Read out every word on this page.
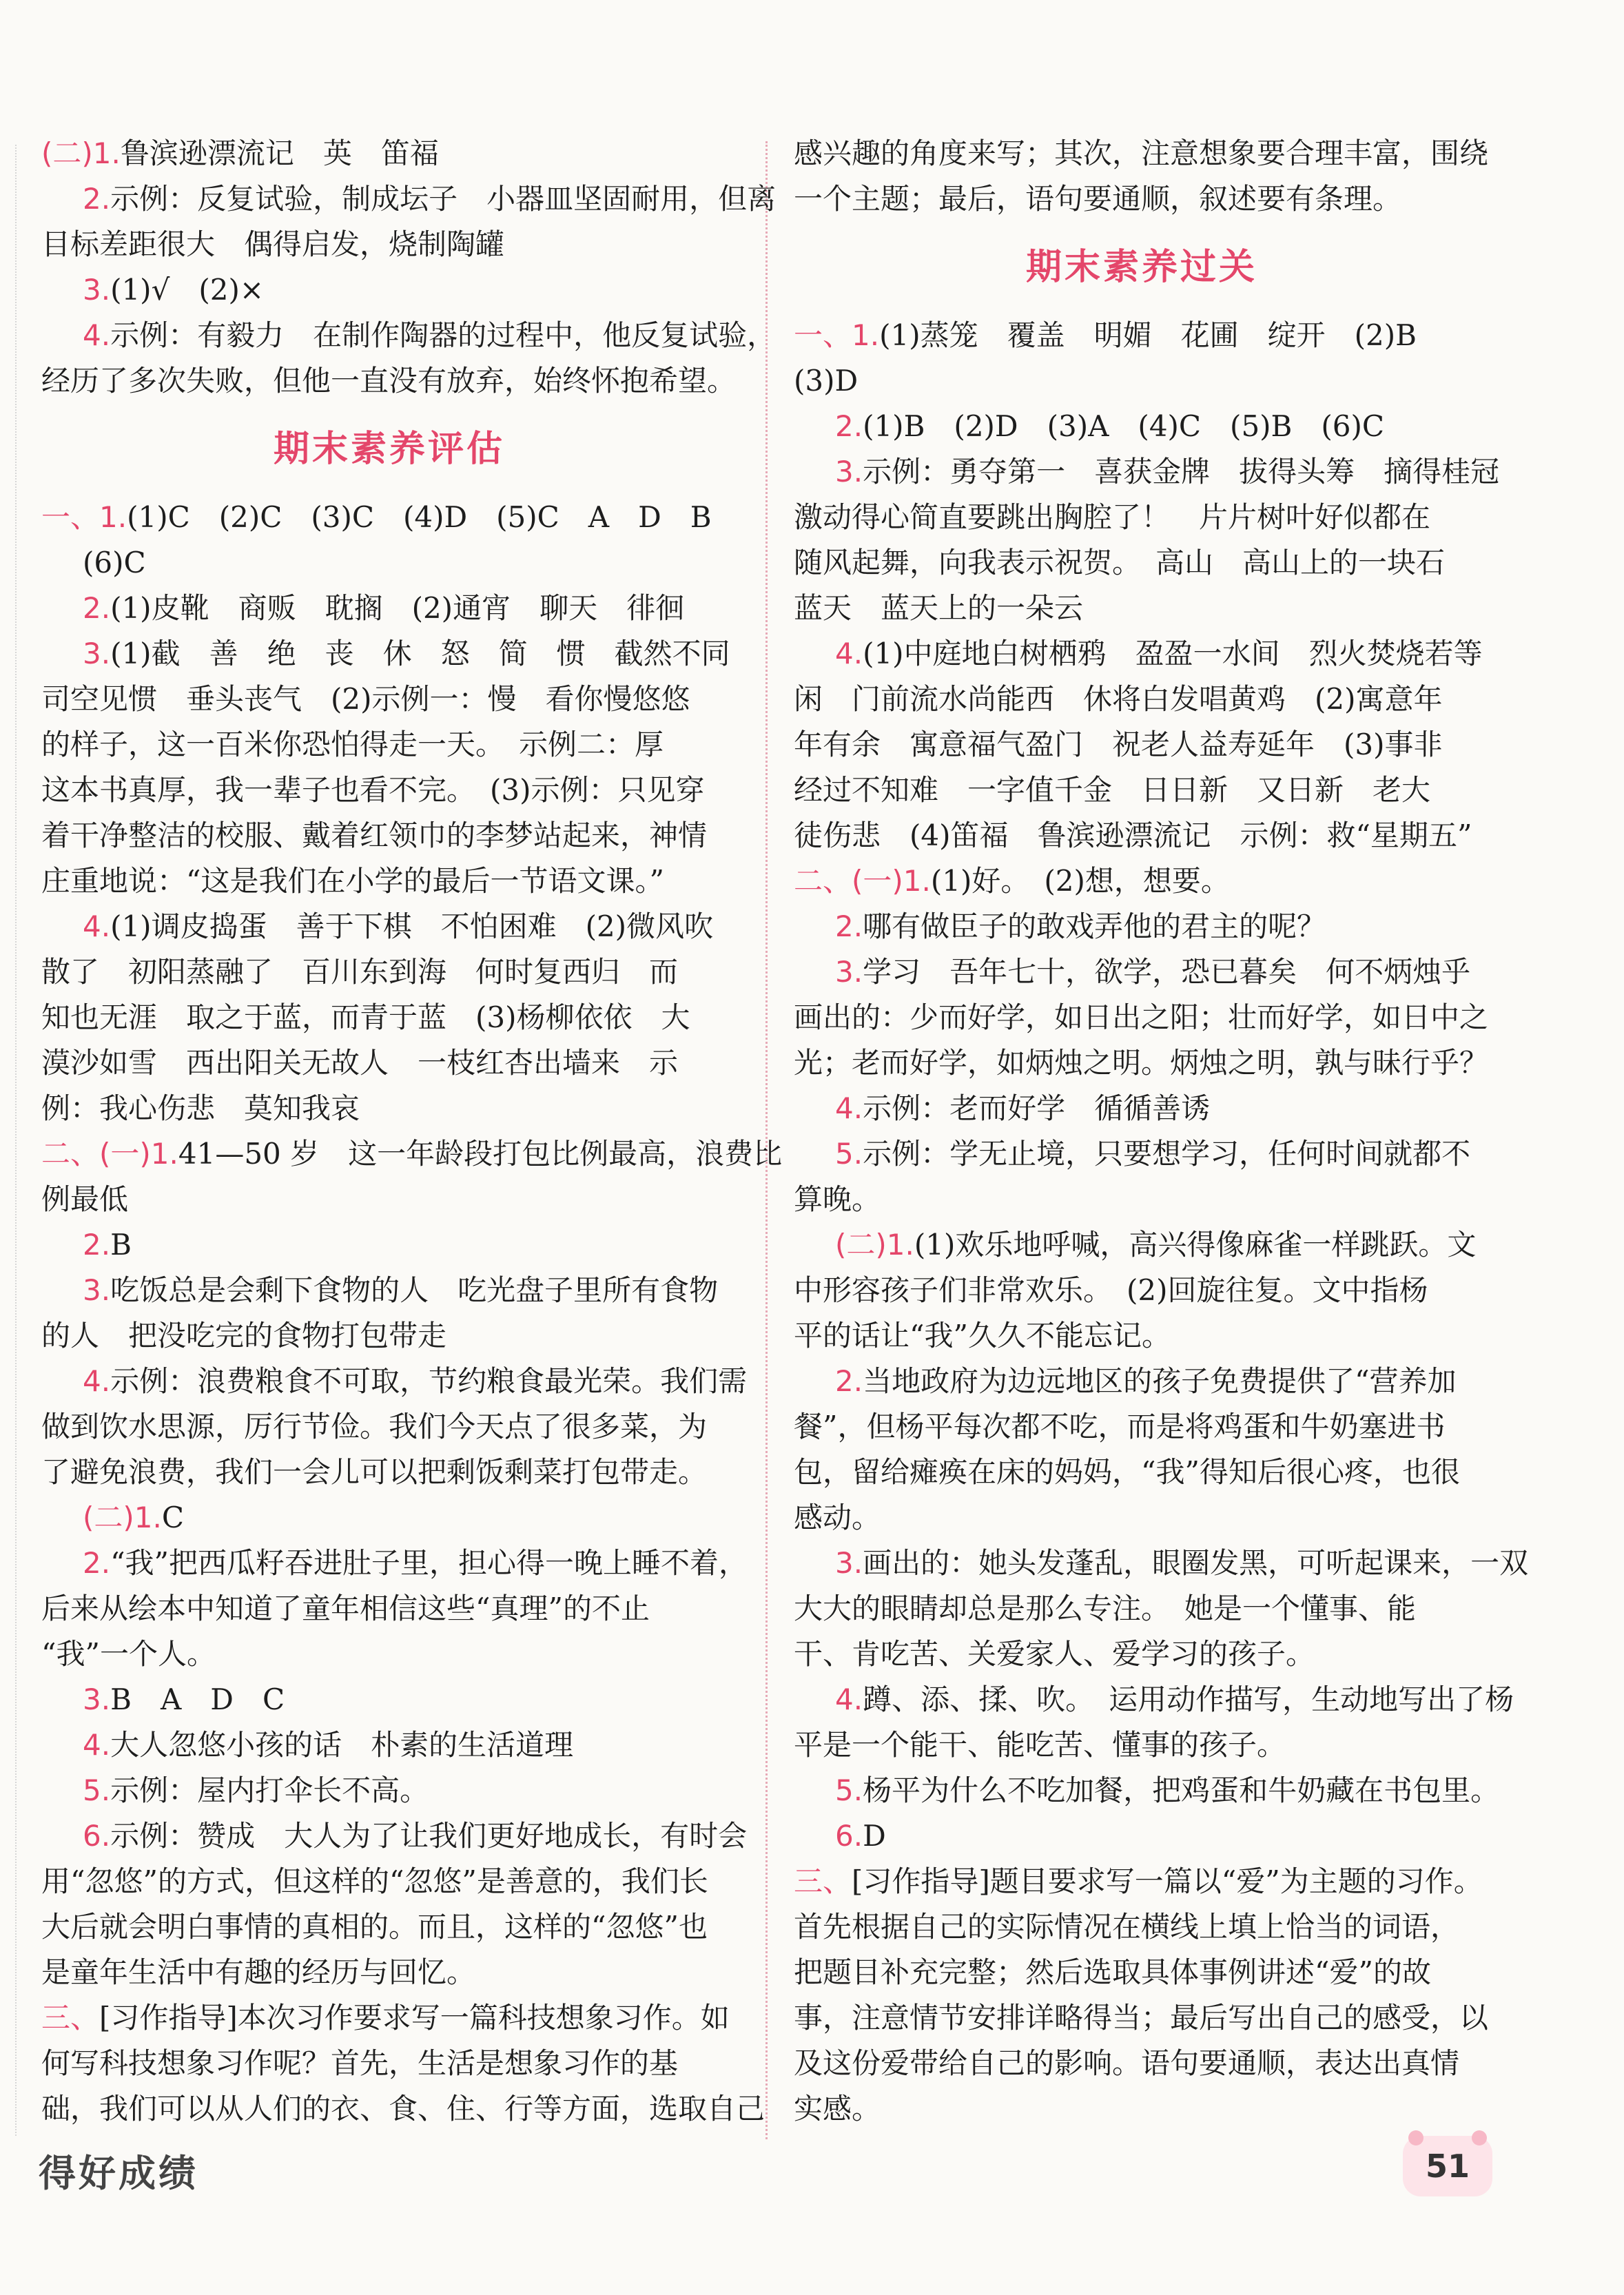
(二)1.鲁滨逊漂流记　英　笛福
2.示例：反复试验，制成坛子　小器皿坚固耐用，但离
目标差距很大　偶得启发，烧制陶罐
3.(1)√　(2)×
4.示例：有毅力　在制作陶器的过程中，他反复试验，
经历了多次失败，但他一直没有放弃，始终怀抱希望。
期末素养评估
一、1.(1)C　(2)C　(3)C　(4)D　(5)C　A　D　B
(6)C
2.(1)皮靴　商贩　耽搁　(2)通宵　聊天　徘徊
3.(1)截　善　绝　丧　休　怒　简　惯　截然不同
司空见惯　垂头丧气　(2)示例一：慢　看你慢悠悠
的样子，这一百米你恐怕得走一天。　示例二：厚
这本书真厚，我一辈子也看不完。　(3)示例：只见穿
着干净整洁的校服、戴着红领巾的李梦站起来，神情
庄重地说：“这是我们在小学的最后一节语文课。”
4.(1)调皮捣蛋　善于下棋　不怕困难　(2)微风吹
散了　初阳蒸融了　百川东到海　何时复西归　而
知也无涯　取之于蓝，而青于蓝　(3)杨柳依依　大
漠沙如雪　西出阳关无故人　一枝红杏出墙来　示
例：我心伤悲　莫知我哀
二、(一)1.41—50 岁　这一年龄段打包比例最高，浪费比
例最低
2.B
3.吃饭总是会剩下食物的人　吃光盘子里所有食物
的人　把没吃完的食物打包带走
4.示例：浪费粮食不可取，节约粮食最光荣。我们需
做到饮水思源，厉行节俭。我们今天点了很多菜，为
了避免浪费，我们一会儿可以把剩饭剩菜打包带走。
(二)1.C
2.“我”把西瓜籽吞进肚子里，担心得一晚上睡不着，
后来从绘本中知道了童年相信这些“真理”的不止
“我”一个人。
3.B　A　D　C
4.大人忽悠小孩的话　朴素的生活道理
5.示例：屋内打伞长不高。
6.示例：赞成　大人为了让我们更好地成长，有时会
用“忽悠”的方式，但这样的“忽悠”是善意的，我们长
大后就会明白事情的真相的。而且，这样的“忽悠”也
是童年生活中有趣的经历与回忆。
三、[习作指导]本次习作要求写一篇科技想象习作。如
何写科技想象习作呢？首先，生活是想象习作的基
础，我们可以从人们的衣、食、住、行等方面，选取自己
感兴趣的角度来写；其次，注意想象要合理丰富，围绕
一个主题；最后，语句要通顺，叙述要有条理。
期末素养过关
一、1.(1)蒸笼　覆盖　明媚　花圃　绽开　(2)B
(3)D
2.(1)B　(2)D　(3)A　(4)C　(5)B　(6)C
3.示例：勇夺第一　喜获金牌　拔得头筹　摘得桂冠
激动得心简直要跳出胸腔了！　片片树叶好似都在
随风起舞，向我表示祝贺。　高山　高山上的一块石
蓝天　蓝天上的一朵云
4.(1)中庭地白树栖鸦　盈盈一水间　烈火焚烧若等
闲　门前流水尚能西　休将白发唱黄鸡　(2)寓意年
年有余　寓意福气盈门　祝老人益寿延年　(3)事非
经过不知难　一字值千金　日日新　又日新　老大
徒伤悲　(4)笛福　鲁滨逊漂流记　示例：救“星期五”
二、(一)1.(1)好。　(2)想，想要。
2.哪有做臣子的敢戏弄他的君主的呢？
3.学习　吾年七十，欲学，恐已暮矣　何不炳烛乎
画出的：少而好学，如日出之阳；壮而好学，如日中之
光；老而好学，如炳烛之明。炳烛之明，孰与昧行乎？
4.示例：老而好学　循循善诱
5.示例：学无止境，只要想学习，任何时间就都不
算晚。
(二)1.(1)欢乐地呼喊，高兴得像麻雀一样跳跃。文
中形容孩子们非常欢乐。　(2)回旋往复。文中指杨
平的话让“我”久久不能忘记。
2.当地政府为边远地区的孩子免费提供了“营养加
餐”，但杨平每次都不吃，而是将鸡蛋和牛奶塞进书
包，留给瘫痪在床的妈妈，“我”得知后很心疼，也很
感动。
3.画出的：她头发蓬乱，眼圈发黑，可听起课来，一双
大大的眼睛却总是那么专注。　她是一个懂事、能
干、肯吃苦、关爱家人、爱学习的孩子。
4.蹲、添、揉、吹。　运用动作描写，生动地写出了杨
平是一个能干、能吃苦、懂事的孩子。
5.杨平为什么不吃加餐，把鸡蛋和牛奶藏在书包里。
6.D
三、[习作指导]题目要求写一篇以“爱”为主题的习作。
首先根据自己的实际情况在横线上填上恰当的词语，
把题目补充完整；然后选取具体事例讲述“爱”的故
事，注意情节安排详略得当；最后写出自己的感受，以
及这份爱带给自己的影响。语句要通顺，表达出真情
实感。
得好成绩	51
